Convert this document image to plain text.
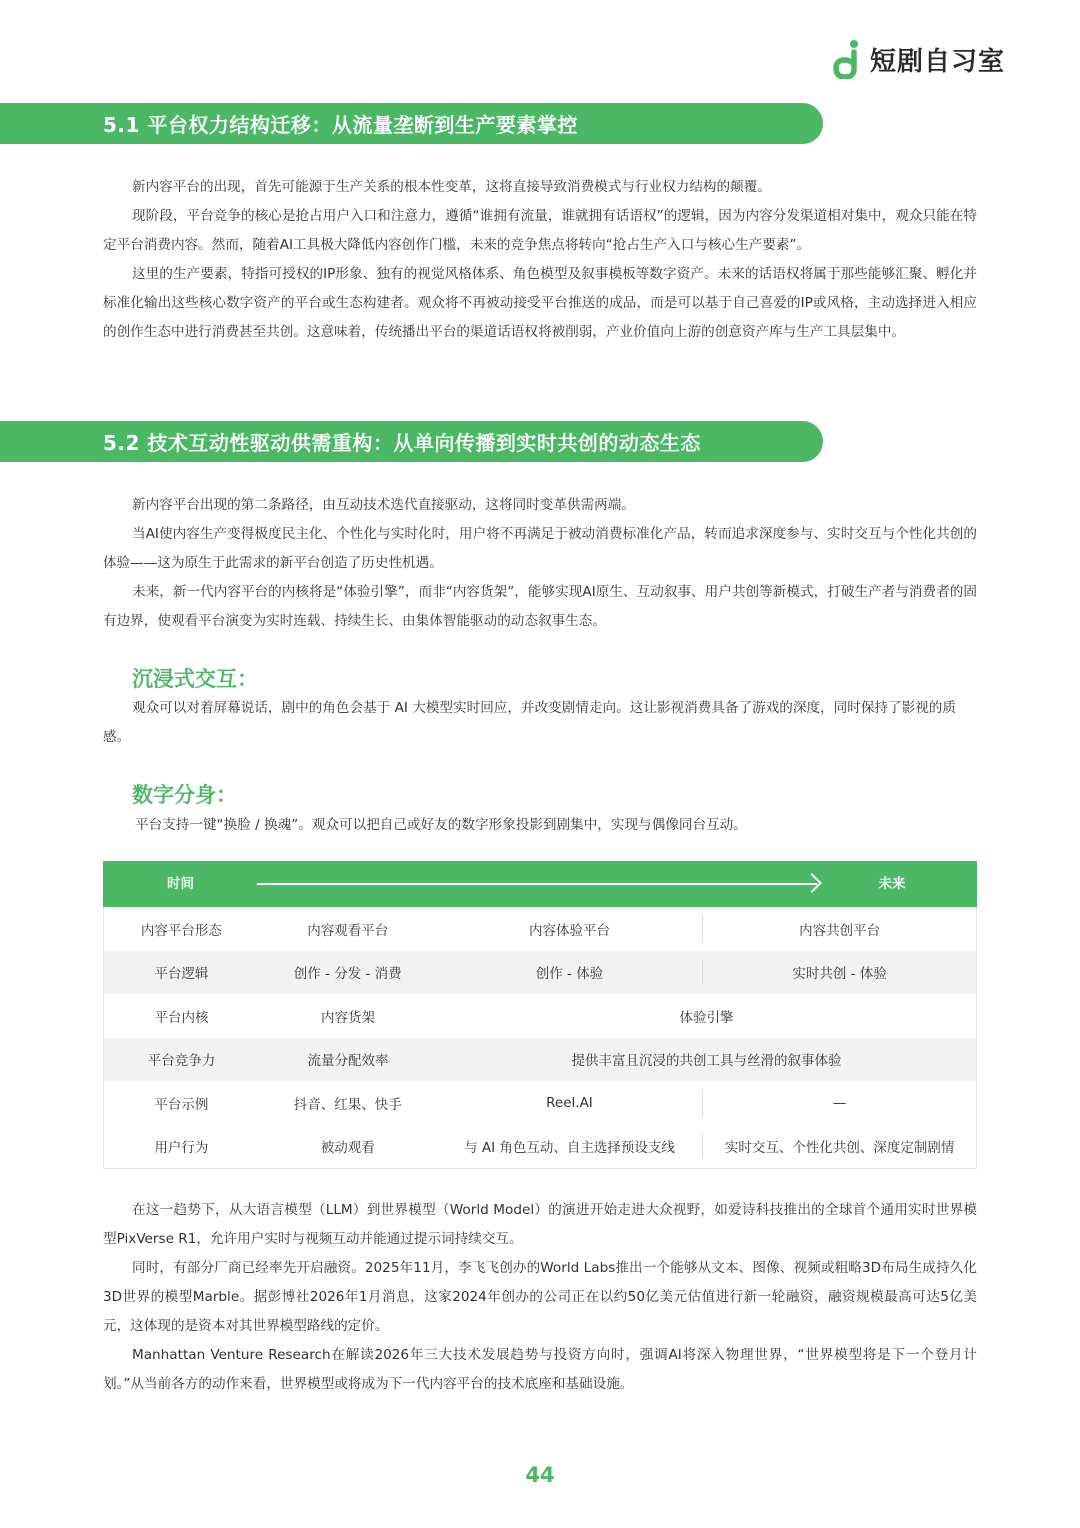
短剧自习室
5.1 平台权力结构迁移：从流量垄断到生产要素掌控

新内容平台的出现，首先可能源于生产关系的根本性变革，这将直接导致消费模式与行业权力结构的颠覆。

现阶段，平台竞争的核心是抢占用户入口和注意力，遵循“谁拥有流量，谁就拥有话语权”的逻辑，因为内容分发渠道相对集中，观众只能在特定平台消费内容。然而，随着AI工具极大降低内容创作门槛，未来的竞争焦点将转向“抢占生产入口与核心生产要素”。

这里的生产要素，特指可授权的IP形象、独有的视觉风格体系、角色模型及叙事模板等数字资产。未来的话语权将属于那些能够汇聚、孵化并标准化输出这些核心数字资产的平台或生态构建者。观众将不再被动接受平台推送的成品，而是可以基于自己喜爱的IP或风格，主动选择进入相应的创作生态中进行消费甚至共创。这意味着，传统播出平台的渠道话语权将被削弱，产业价值向上游的创意资产库与生产工具层集中。

5.2 技术互动性驱动供需重构：从单向传播到实时共创的动态生态

新内容平台出现的第二条路径，由互动技术迭代直接驱动，这将同时变革供需两端。

当AI使内容生产变得极度民主化、个性化与实时化时，用户将不再满足于被动消费标准化产品，转而追求深度参与、实时交互与个性化共创的体验——这为原生于此需求的新平台创造了历史性机遇。

未来，新一代内容平台的内核将是“体验引擎”，而非“内容货架”，能够实现AI原生、互动叙事、用户共创等新模式，打破生产者与消费者的固有边界，使观看平台演变为实时连载、持续生长、由集体智能驱动的动态叙事生态。

沉浸式交互：

观众可以对着屏幕说话，剧中的角色会基于 AI 大模型实时回应，并改变剧情走向。这让影视消费具备了游戏的深度，同时保持了影视的质感。

数字分身：

平台支持一键“换脸 / 换魂”。观众可以把自己或好友的数字形象投影到剧集中，实现与偶像同台互动。

时间	未来
内容平台形态	内容观看平台	内容体验平台	内容共创平台
平台逻辑	创作 - 分发 - 消费	创作 - 体验	实时共创 - 体验
平台内核	内容货架	体验引擎
平台竞争力	流量分配效率	提供丰富且沉浸的共创工具与丝滑的叙事体验
平台示例	抖音、红果、快手	Reel.AI	—
用户行为	被动观看	与 AI 角色互动、自主选择预设支线	实时交互、个性化共创、深度定制剧情

在这一趋势下，从大语言模型（LLM）到世界模型（World Model）的演进开始走进大众视野，如爱诗科技推出的全球首个通用实时世界模型PixVerse R1，允许用户实时与视频互动并能通过提示词持续交互。

同时，有部分厂商已经率先开启融资。2025年11月，李飞飞创办的World Labs推出一个能够从文本、图像、视频或粗略3D布局生成持久化3D世界的模型Marble。据彭博社2026年1月消息，这家2024年创办的公司正在以约50亿美元估值进行新一轮融资，融资规模最高可达5亿美元，这体现的是资本对其世界模型路线的定价。

Manhattan Venture Research在解读2026年三大技术发展趋势与投资方向时，强调AI将深入物理世界，“世界模型将是下一个登月计划。”从当前各方的动作来看，世界模型或将成为下一代内容平台的技术底座和基础设施。

44
